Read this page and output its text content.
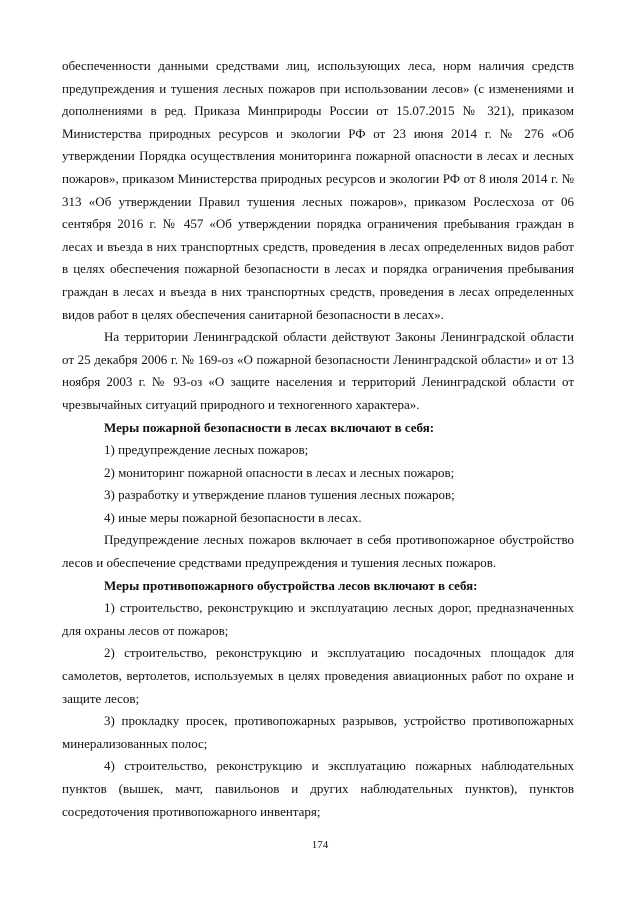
обеспеченности данными средствами лиц, использующих леса, норм наличия средств предупреждения и тушения лесных пожаров при использовании лесов» (с изменениями и дополнениями в ред. Приказа Минприроды России от 15.07.2015 № 321), приказом Министерства природных ресурсов и экологии РФ от 23 июня 2014 г. № 276 «Об утверждении Порядка осуществления мониторинга пожарной опасности в лесах и лесных пожаров», приказом Министерства природных ресурсов и экологии РФ от 8 июля 2014 г. № 313 «Об утверждении Правил тушения лесных пожаров», приказом Рослесхоза от 06 сентября 2016 г. № 457 «Об утверждении порядка ограничения пребывания граждан в лесах и въезда в них транспортных средств, проведения в лесах определенных видов работ в целях обеспечения пожарной безопасности в лесах и порядка ограничения пребывания граждан в лесах и въезда в них транспортных средств, проведения в лесах определенных видов работ в целях обеспечения санитарной безопасности в лесах».

На территории Ленинградской области действуют Законы Ленинградской области от 25 декабря 2006 г. № 169-оз «О пожарной безопасности Ленинградской области» и от 13 ноября 2003 г. № 93-оз «О защите населения и территорий Ленинградской области от чрезвычайных ситуаций природного и техногенного характера».

Меры пожарной безопасности в лесах включают в себя:

1) предупреждение лесных пожаров;

2) мониторинг пожарной опасности в лесах и лесных пожаров;

3) разработку и утверждение планов тушения лесных пожаров;

4) иные меры пожарной безопасности в лесах.

Предупреждение лесных пожаров включает в себя противопожарное обустройство лесов и обеспечение средствами предупреждения и тушения лесных пожаров.

Меры противопожарного обустройства лесов включают в себя:

1) строительство, реконструкцию и эксплуатацию лесных дорог, предназначенных для охраны лесов от пожаров;

2) строительство, реконструкцию и эксплуатацию посадочных площадок для самолетов, вертолетов, используемых в целях проведения авиационных работ по охране и защите лесов;

3) прокладку просек, противопожарных разрывов, устройство противопожарных минерализованных полос;

4) строительство, реконструкцию и эксплуатацию пожарных наблюдательных пунктов (вышек, мачт, павильонов и других наблюдательных пунктов), пунктов сосредоточения противопожарного инвентаря;

174
